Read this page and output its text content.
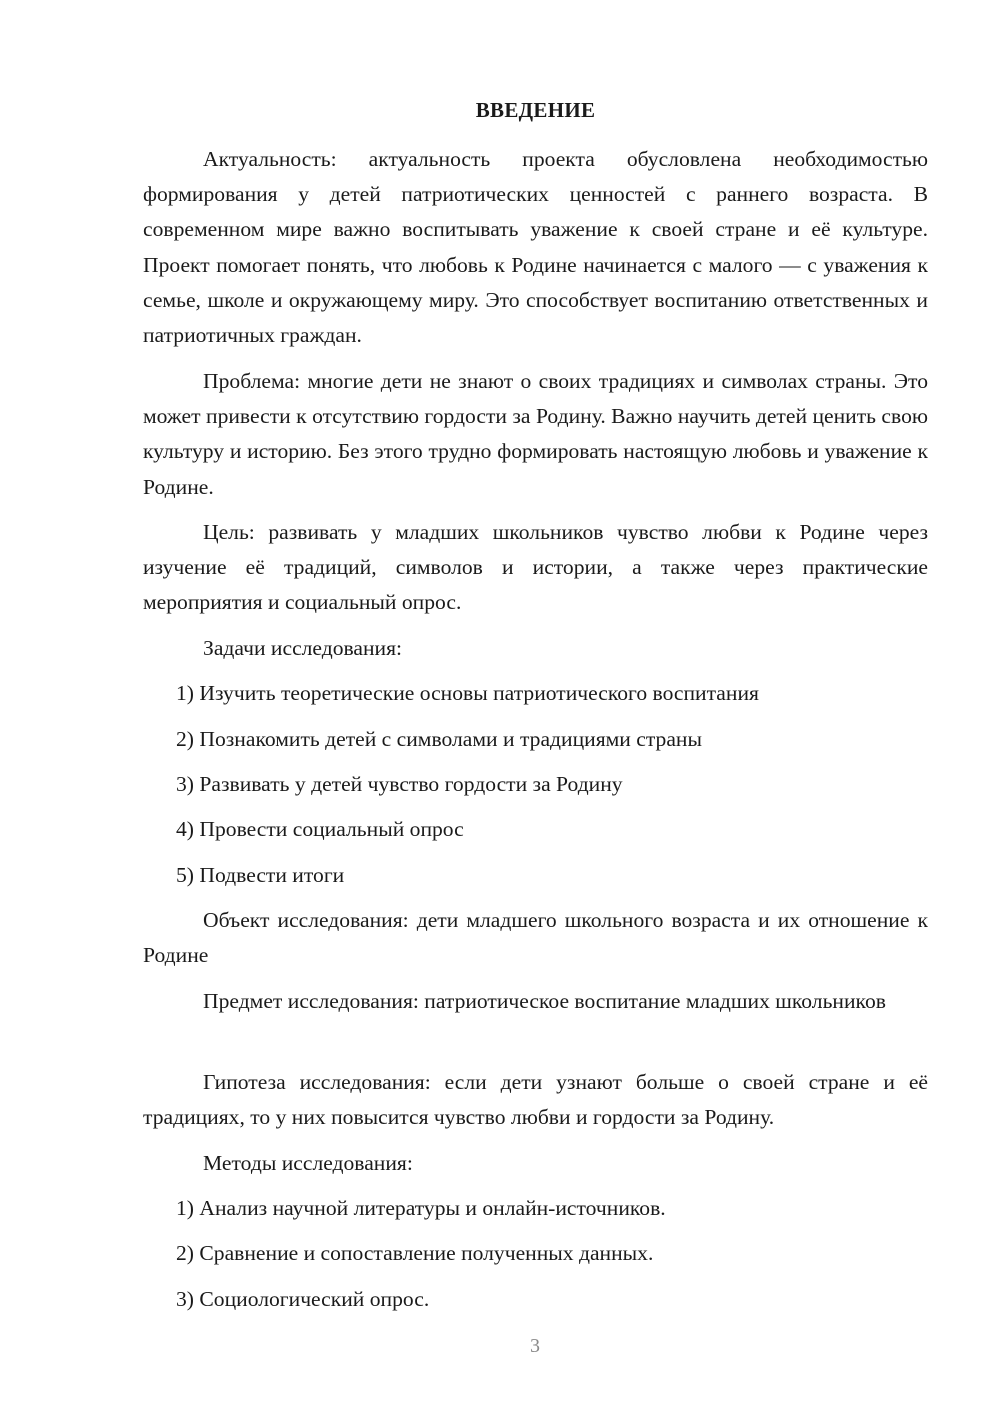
ВВЕДЕНИЕ

Актуальность: актуальность проекта обусловлена необходимостью формирования у детей патриотических ценностей с раннего возраста. В современном мире важно воспитывать уважение к своей стране и её культуре. Проект помогает понять, что любовь к Родине начинается с малого — с уважения к семье, школе и окружающему миру. Это способствует воспитанию ответственных и патриотичных граждан.

Проблема: многие дети не знают о своих традициях и символах страны. Это может привести к отсутствию гордости за Родину. Важно научить детей ценить свою культуру и историю. Без этого трудно формировать настоящую любовь и уважение к Родине.

Цель: развивать у младших школьников чувство любви к Родине через изучение её традиций, символов и истории, а также через практические мероприятия и социальный опрос.

Задачи исследования:
1) Изучить теоретические основы патриотического воспитания
2) Познакомить детей с символами и традициями страны
3) Развивать у детей чувство гордости за Родину
4) Провести социальный опрос
5) Подвести итоги

Объект исследования: дети младшего школьного возраста и их отношение к Родине

Предмет исследования: патриотическое воспитание младших школьников

Гипотеза исследования: если дети узнают больше о своей стране и её традициях, то у них повысится чувство любви и гордости за Родину.

Методы исследования:
1) Анализ научной литературы и онлайн-источников.
2) Сравнение и сопоставление полученных данных.
3) Социологический опрос.
3
